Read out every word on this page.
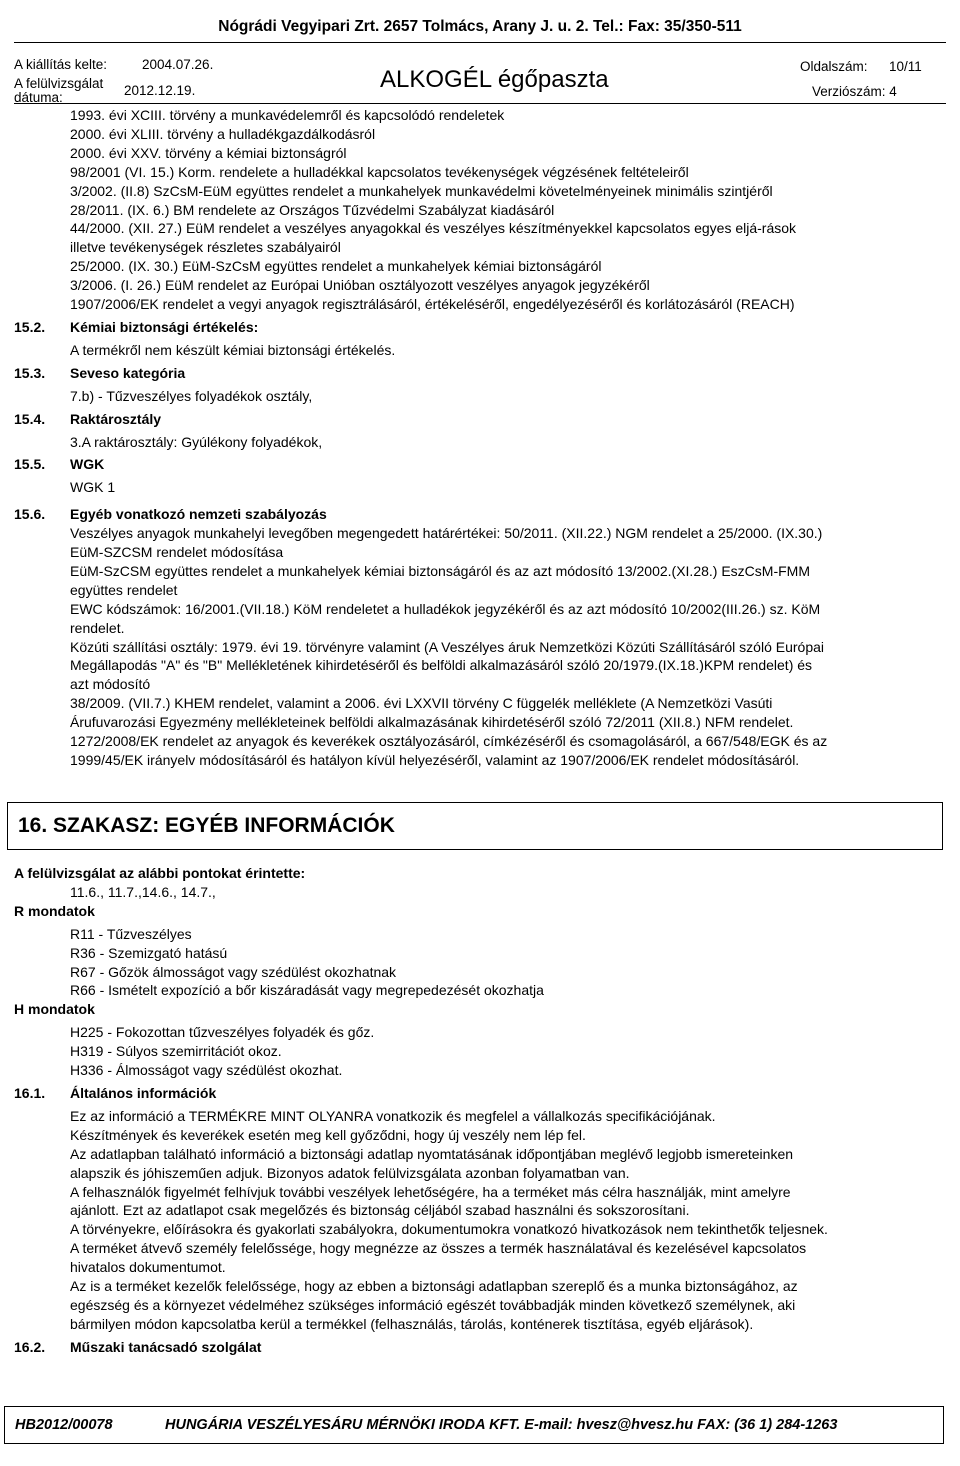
Nógrádi Vegyipari Zrt. 2657 Tolmács, Arany J. u. 2. Tel.: Fax: 35/350-511
A kiállítás kelte:	2004.07.26.
A felülvizsgálat
dátuma:	2012.12.19.	ALKOGÉL égőpaszta	Oldalszám: 10/11
Verziószám: 4
1993. évi XCIII. törvény a munkavédelemről és kapcsolódó rendeletek
2000. évi XLIII. törvény a hulladékgazdálkodásról
2000. évi XXV. törvény a kémiai biztonságról
98/2001 (VI. 15.) Korm. rendelete a hulladékkal kapcsolatos tevékenységek végzésének feltételeiről
3/2002. (II.8) SzCsM-EüM együttes rendelet a munkahelyek munkavédelmi követelményeinek minimális szintjéről
28/2011. (IX. 6.) BM rendelete az Országos Tűzvédelmi Szabályzat kiadásáról
44/2000. (XII. 27.) EüM rendelet a veszélyes anyagokkal és veszélyes készítményekkel kapcsolatos egyes eljá-rások
illetve tevékenységek részletes szabályairól
25/2000. (IX. 30.) EüM-SzCsM együttes rendelet a munkahelyek kémiai biztonságáról
3/2006. (I. 26.) EüM rendelet az Európai Unióban osztályozott veszélyes anyagok jegyzékéről
1907/2006/EK rendelet a vegyi anyagok regisztrálásáról, értékeléséről, engedélyezéséről és korlátozásáról (REACH)
15.2.	Kémiai biztonsági értékelés:
A termékről nem készült kémiai biztonsági értékelés.
15.3.	Seveso kategória
7.b) - Tűzveszélyes folyadékok osztály,
15.4.	Raktárosztály
3.A raktárosztály: Gyúlékony folyadékok,
15.5.	WGK
WGK 1
15.6.	Egyéb vonatkozó nemzeti szabályozás
Veszélyes anyagok munkahelyi levegőben megengedett határértékei: 50/2011. (XII.22.) NGM rendelet a 25/2000. (IX.30.)
EüM-SZCSM rendelet módosítása
EüM-SzCSM együttes rendelet a munkahelyek kémiai biztonságáról és az azt módosító 13/2002.(XI.28.) EszCsM-FMM
együttes rendelet
EWC kódszámok: 16/2001.(VII.18.) KöM rendeletet a hulladékok jegyzékéről és az azt módosító 10/2002(III.26.) sz. KöM
rendelet.
Közúti szállítási osztály: 1979. évi 19. törvényre valamint (A Veszélyes áruk Nemzetközi Közúti Szállításáról szóló Európai
Megállapodás "A" és "B" Mellékletének kihirdetéséről és belföldi alkalmazásáról szóló 20/1979.(IX.18.)KPM rendelet) és
azt módosító
38/2009. (VII.7.) KHEM rendelet, valamint a 2006. évi LXXVII törvény C függelék melléklete (A Nemzetközi Vasúti
Árufuvarozási Egyezmény mellékleteinek belföldi alkalmazásának kihirdetéséről szóló 72/2011 (XII.8.) NFM rendelet.
1272/2008/EK rendelet az anyagok és keverékek osztályozásáról, címkézéséről és csomagolásáról, a 667/548/EGK és az
1999/45/EK irányelv módosításáról és hatályon kívül helyezéséről, valamint az 1907/2006/EK rendelet módosításáról.
16. SZAKASZ: EGYÉB INFORMÁCIÓK
A felülvizsgálat az alábbi pontokat érintette:
11.6., 11.7.,14.6., 14.7.,
R mondatok
R11 - Tűzveszélyes
R36 - Szemizgató hatású
R67 - Gőzök álmosságot vagy szédülést okozhatnak
R66 - Ismételt expozíció a bőr kiszáradását vagy megrepedezését okozhatja
H mondatok
H225 - Fokozottan tűzveszélyes folyadék és gőz.
H319 - Súlyos szemirritációt okoz.
H336 - Álmosságot vagy szédülést okozhat.
16.1.	Általános információk
Ez az információ a TERMÉKRE MINT OLYANRA vonatkozik és megfelel a vállalkozás specifikációjának.
Készítmények és keverékek esetén meg kell győződni, hogy új veszély nem lép fel.
Az adatlapban található információ a biztonsági adatlap nyomtatásának időpontjában meglévő legjobb ismereteinken
alapszik és jóhiszeműen adjuk. Bizonyos adatok felülvizsgálata azonban folyamatban van.
A felhasználók figyelmét felhívjuk további veszélyek lehetőségére, ha a terméket más célra használják, mint amelyre
ajánlott. Ezt az adatlapot csak megelőzés és biztonság céljából szabad használni és sokszorosítani.
A törvényekre, előírásokra és gyakorlati szabályokra, dokumentumokra vonatkozó hivatkozások nem tekinthetők teljesnek.
A terméket átvevő személy felelőssége, hogy megnézze az összes a termék használatával és kezelésével kapcsolatos
hivatalos dokumentumot.
Az is a terméket kezelők felelőssége, hogy az ebben a biztonsági adatlapban szereplő és a munka biztonságához, az
egészség és a környezet védelméhez szükséges információ egészét továbbadják minden következő személynek, aki
bármilyen módon kapcsolatba kerül a termékkel (felhasználás, tárolás, konténerek tisztítása, egyéb eljárások).
16.2.	Műszaki tanácsadó szolgálat
HB2012/00078	HUNGÁRIA VESZÉLYESÁRU MÉRNÖKI IRODA KFT. E-mail: hvesz@hvesz.hu FAX: (36 1) 284-1263
